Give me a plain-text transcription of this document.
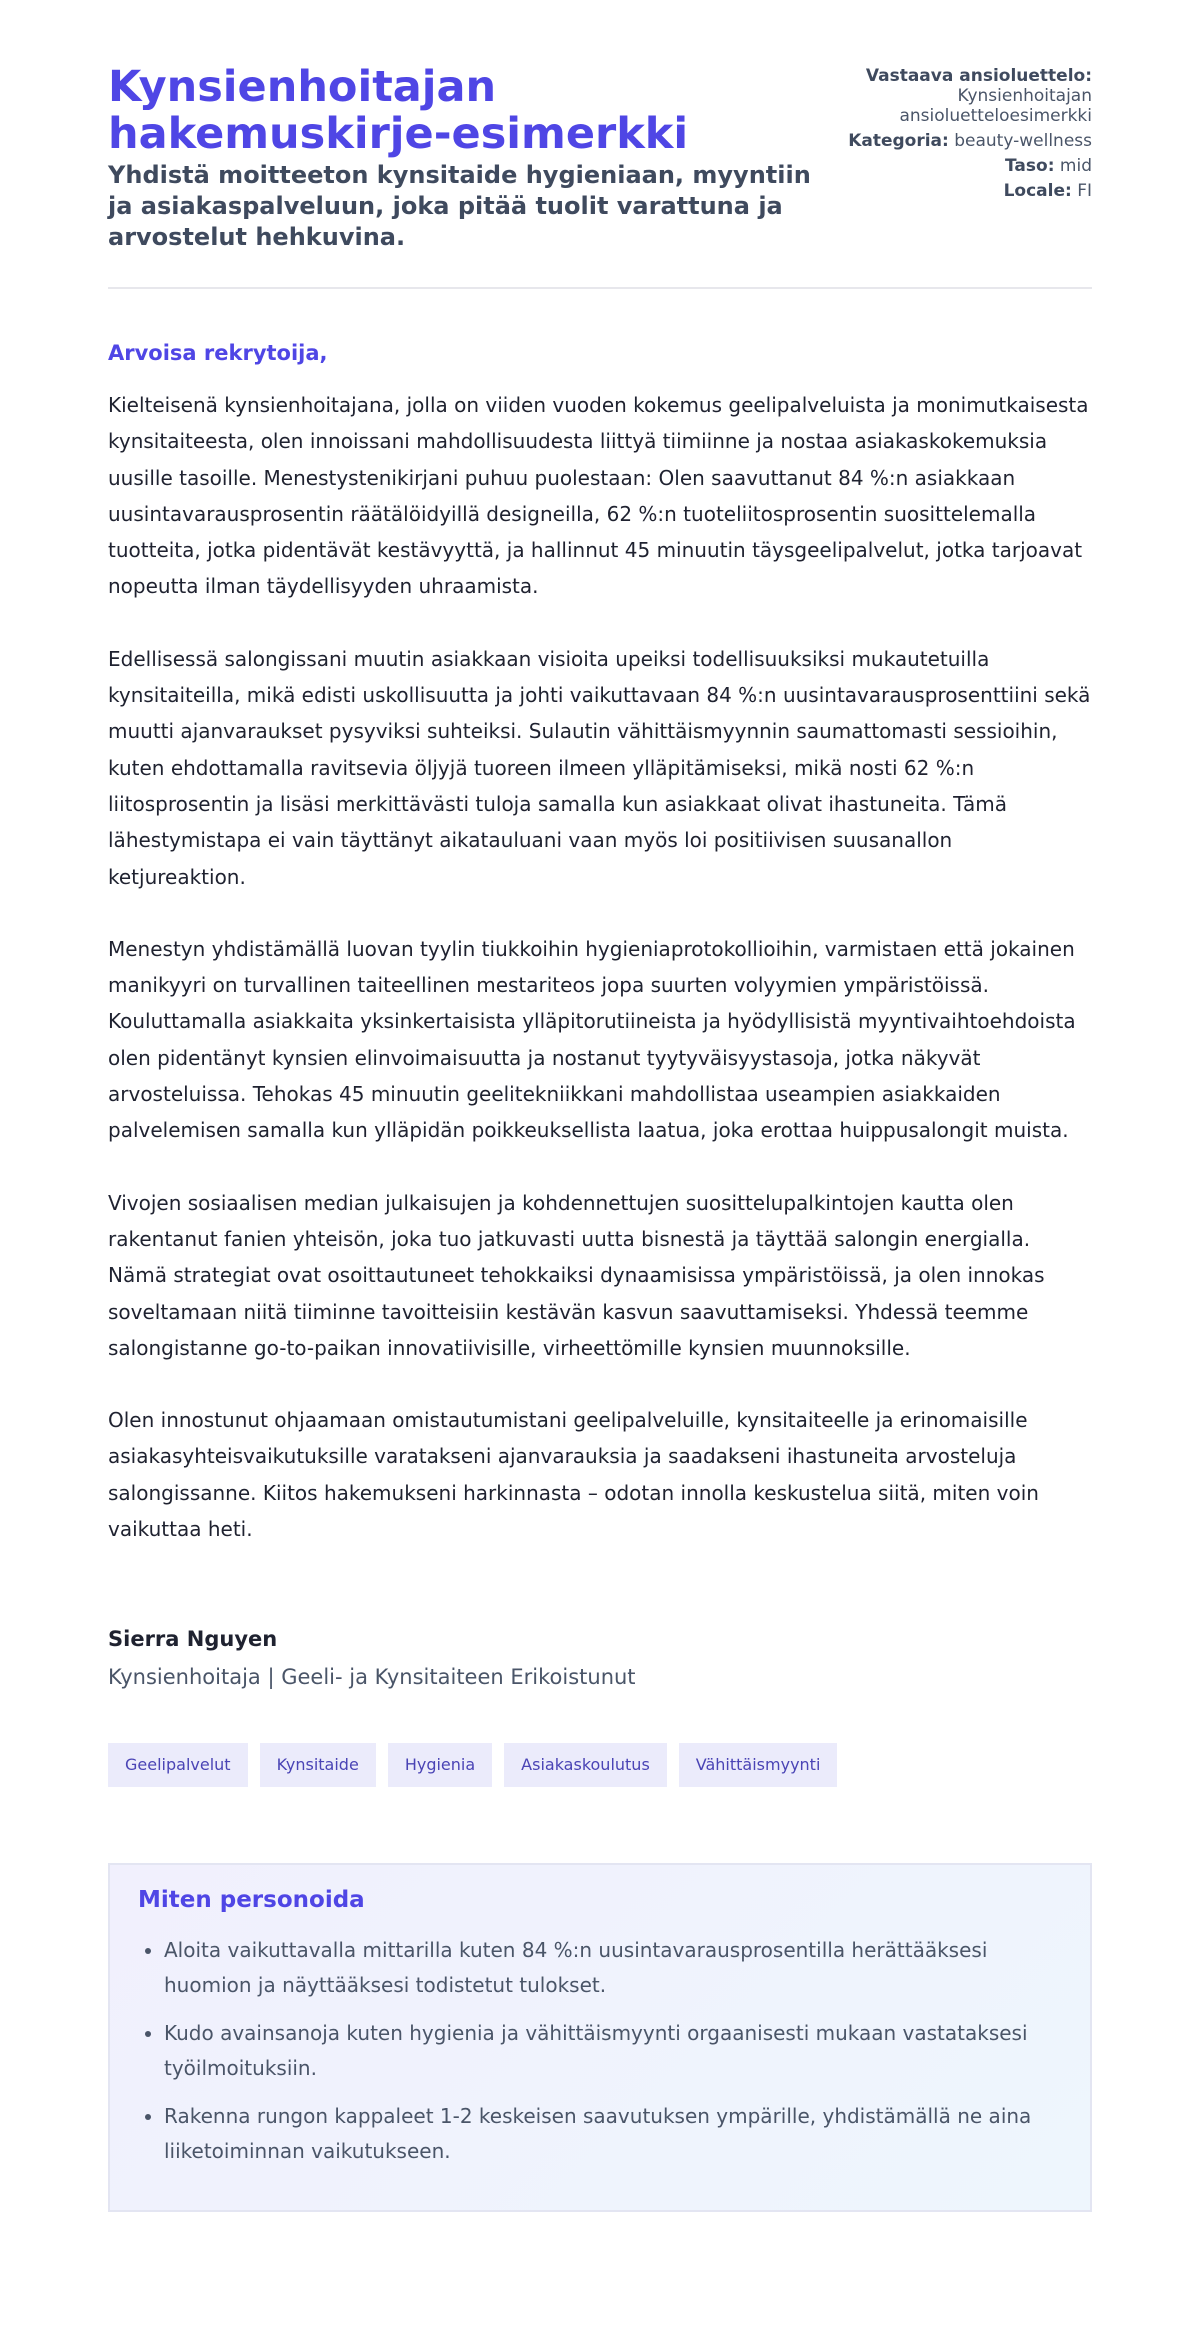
Kynsienhoitajan hakemuskirje-esimerkki

Yhdistä moitteeton kynsitaide hygieniaan, myyntiin ja asiakaspalveluun, joka pitää tuolit varattuna ja arvostelut hehkuvina.

Vastaava ansioluettelo: Kynsienhoitajan ansioluetteloesimerkki
Kategoria: beauty-wellness
Taso: mid
Locale: FI

Arvoisa rekrytoija,

Kielteisenä kynsienhoitajana, jolla on viiden vuoden kokemus geelipalveluista ja monimutkaisesta kynsitaiteesta, olen innoissani mahdollisuudesta liittyä tiimiinne ja nostaa asiakaskokemuksia uusille tasoille. Menestystenikirjani puhuu puolestaan: Olen saavuttanut 84 %:n asiakkaan uusintavarausprosentin räätälöidyillä designeilla, 62 %:n tuoteliitosprosentin suosittelemalla tuotteita, jotka pidentävät kestävyyttä, ja hallinnut 45 minuutin täysgeelipalvelut, jotka tarjoavat nopeutta ilman täydellisyyden uhraamista.

Edellisessä salongissani muutin asiakkaan visioita upeiksi todellisuuksiksi mukautetuilla kynsitaiteilla, mikä edisti uskollisuutta ja johti vaikuttavaan 84 %:n uusintavarausprosenttiini sekä muutti ajanvaraukset pysyviksi suhteiksi. Sulautin vähittäismyynnin saumattomasti sessioihin, kuten ehdottamalla ravitsevia öljyjä tuoreen ilmeen ylläpitämiseksi, mikä nosti 62 %:n liitosprosentin ja lisäsi merkittävästi tuloja samalla kun asiakkaat olivat ihastuneita. Tämä lähestymistapa ei vain täyttänyt aikatauluani vaan myös loi positiivisen suusanallon ketjureaktion.

Menestyn yhdistämällä luovan tyylin tiukkoihin hygieniaprotokollioihin, varmistaen että jokainen manikyyri on turvallinen taiteellinen mestariteos jopa suurten volyymien ympäristöissä. Kouluttamalla asiakkaita yksinkertaisista ylläpitorutiineista ja hyödyllisistä myyntivaihtoehdoista olen pidentänyt kynsien elinvoimaisuutta ja nostanut tyytyväisyystasoja, jotka näkyvät arvosteluissa. Tehokas 45 minuutin geelitekniikkani mahdollistaa useampien asiakkaiden palvelemisen samalla kun ylläpidän poikkeuksellista laatua, joka erottaa huippusalongit muista.

Vivojen sosiaalisen median julkaisujen ja kohdennettujen suosittelupalkintojen kautta olen rakentanut fanien yhteisön, joka tuo jatkuvasti uutta bisnestä ja täyttää salongin energialla. Nämä strategiat ovat osoittautuneet tehokkaiksi dynaamisissa ympäristöissä, ja olen innokas soveltamaan niitä tiiminne tavoitteisiin kestävän kasvun saavuttamiseksi. Yhdessä teemme salongistanne go-to-paikan innovatiivisille, virheettömille kynsien muunnoksille.

Olen innostunut ohjaamaan omistautumistani geelipalveluille, kynsitaiteelle ja erinomaisille asiakasyhteisvaikutuksille varatakseni ajanvarauksia ja saadakseni ihastuneita arvosteluja salongissanne. Kiitos hakemukseni harkinnasta – odotan innolla keskustelua siitä, miten voin vaikuttaa heti.

Sierra Nguyen

Kynsienhoitaja | Geeli- ja Kynsitaiteen Erikoistunut

Geelipalvelut	Kynsitaide	Hygienia	Asiakaskoulutus	Vähittäismyynti
Miten personoida
• Aloita vaikuttavalla mittarilla kuten 84 %:n uusintavarausprosentilla herättääksesi huomion ja näyttääksesi todistetut tulokset.
• Kudo avainsanoja kuten hygienia ja vähittäismyynti orgaanisesti mukaan vastataksesi työilmoituksiin.
• Rakenna rungon kappaleet 1-2 keskeisen saavutuksen ympärille, yhdistämällä ne aina liiketoiminnan vaikutukseen.
